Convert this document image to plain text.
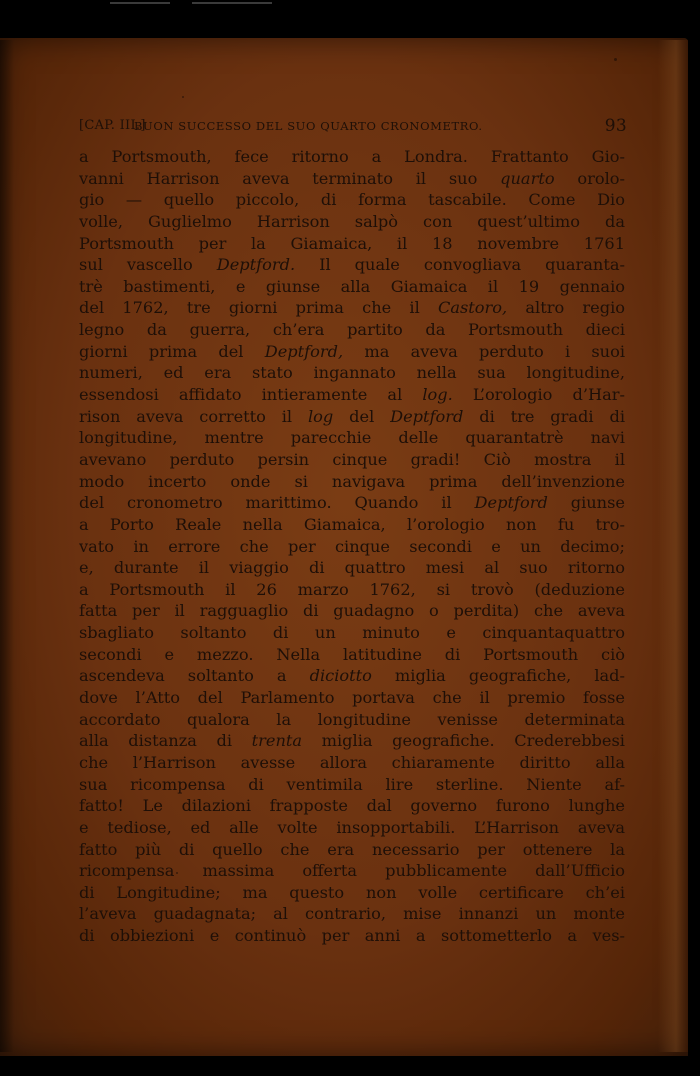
[CAP. III.]
BUON SUCCESSO DEL SUO QUARTO CRONOMETRO.	93
a Portsmouth, fece ritorno a Londra. Frattanto Gio-
vanni Harrison aveva terminato il suo quarto orolo-
gio — quello piccolo, di forma tascabile. Come Dio
volle, Guglielmo Harrison salpò con quest’ultimo da
Portsmouth per la Giamaica, il 18 novembre 1761
sul vascello Deptford. Il quale convogliava quaranta-
trè bastimenti, e giunse alla Giamaica il 19 gennaio
del 1762, tre giorni prima che il Castoro, altro regio
legno da guerra, ch’era partito da Portsmouth dieci
giorni prima del Deptford, ma aveva perduto i suoi
numeri, ed era stato ingannato nella sua longitudine,
essendosi affidato intieramente al log. L’orologio d’Har-
rison aveva corretto il log del Deptford di tre gradi di
longitudine, mentre parecchie delle quarantatrè navi
avevano perduto persin cinque gradi! Ciò mostra il
modo incerto onde si navigava prima dell’invenzione
del cronometro marittimo. Quando il Deptford giunse
a Porto Reale nella Giamaica, l’orologio non fu tro-
vato in errore che per cinque secondi e un decimo;
e, durante il viaggio di quattro mesi al suo ritorno
a Portsmouth il 26 marzo 1762, si trovò (deduzione
fatta per il ragguaglio di guadagno o perdita) che aveva
sbagliato soltanto di un minuto e cinquantaquattro
secondi e mezzo. Nella latitudine di Portsmouth ciò
ascendeva soltanto a diciotto miglia geografiche, lad-
dove l’Atto del Parlamento portava che il premio fosse
accordato qualora la longitudine venisse determinata
alla distanza di trenta miglia geografiche. Crederebbesi
che l’Harrison avesse allora chiaramente diritto alla
sua ricompensa di ventimila lire sterline. Niente af-
fatto! Le dilazioni frapposte dal governo furono lunghe
e tediose, ed alle volte insopportabili. L’Harrison aveva
fatto più di quello che era necessario per ottenere la
ricompensa massima offerta pubblicamente dall’Ufficio
di Longitudine; ma questo non volle certificare ch’ei
l’aveva guadagnata; al contrario, mise innanzi un monte
di obbiezioni e continuò per anni a sottometterlo a ves-
